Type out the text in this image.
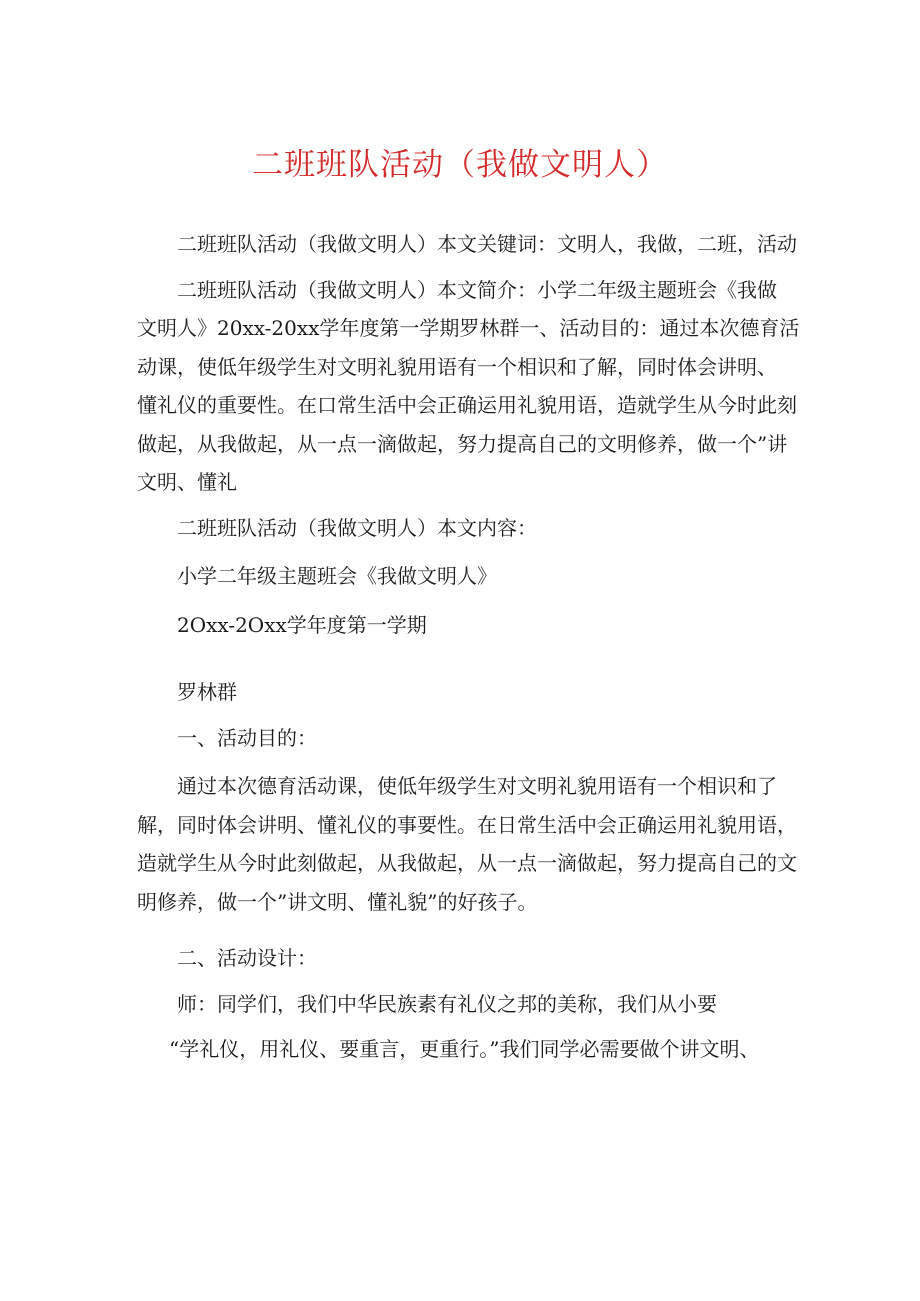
二班班队活动（我做文明人）

二班班队活动（我做文明人）本文关键词：文明人，我做，二班，活动

二班班队活动（我做文明人）本文简介：小学二年级主题班会《我做
文明人》20xx-20xx学年度第一学期罗林群一、活动目的：通过本次德育活
动课，使低年级学生对文明礼貌用语有一个相识和了解，同时体会讲明、
懂礼仪的重要性。在口常生活中会正确运用礼貌用语，造就学生从今时此刻
做起，从我做起，从一点一滴做起，努力提高自己的文明修养，做一个”讲
文明、懂礼

二班班队活动（我做文明人）本文内容：

小学二年级主题班会《我做文明人》

2Oxx-2Oxx学年度第一学期

罗林群

一、活动目的：

通过本次德育活动课，使低年级学生对文明礼貌用语有一个相识和了
解，同时体会讲明、懂礼仪的事要性。在日常生活中会正确运用礼貌用语，
造就学生从今时此刻做起，从我做起，从一点一滴做起，努力提高自己的文
明修养，做一个”讲文明、懂礼貌”的好孩子。

二、活动设计：

师：同学们，我们中华民族素有礼仪之邦的美称，我们从小要

“学礼仪，用礼仪、要重言，更重行。”我们同学必需要做个讲文明、
